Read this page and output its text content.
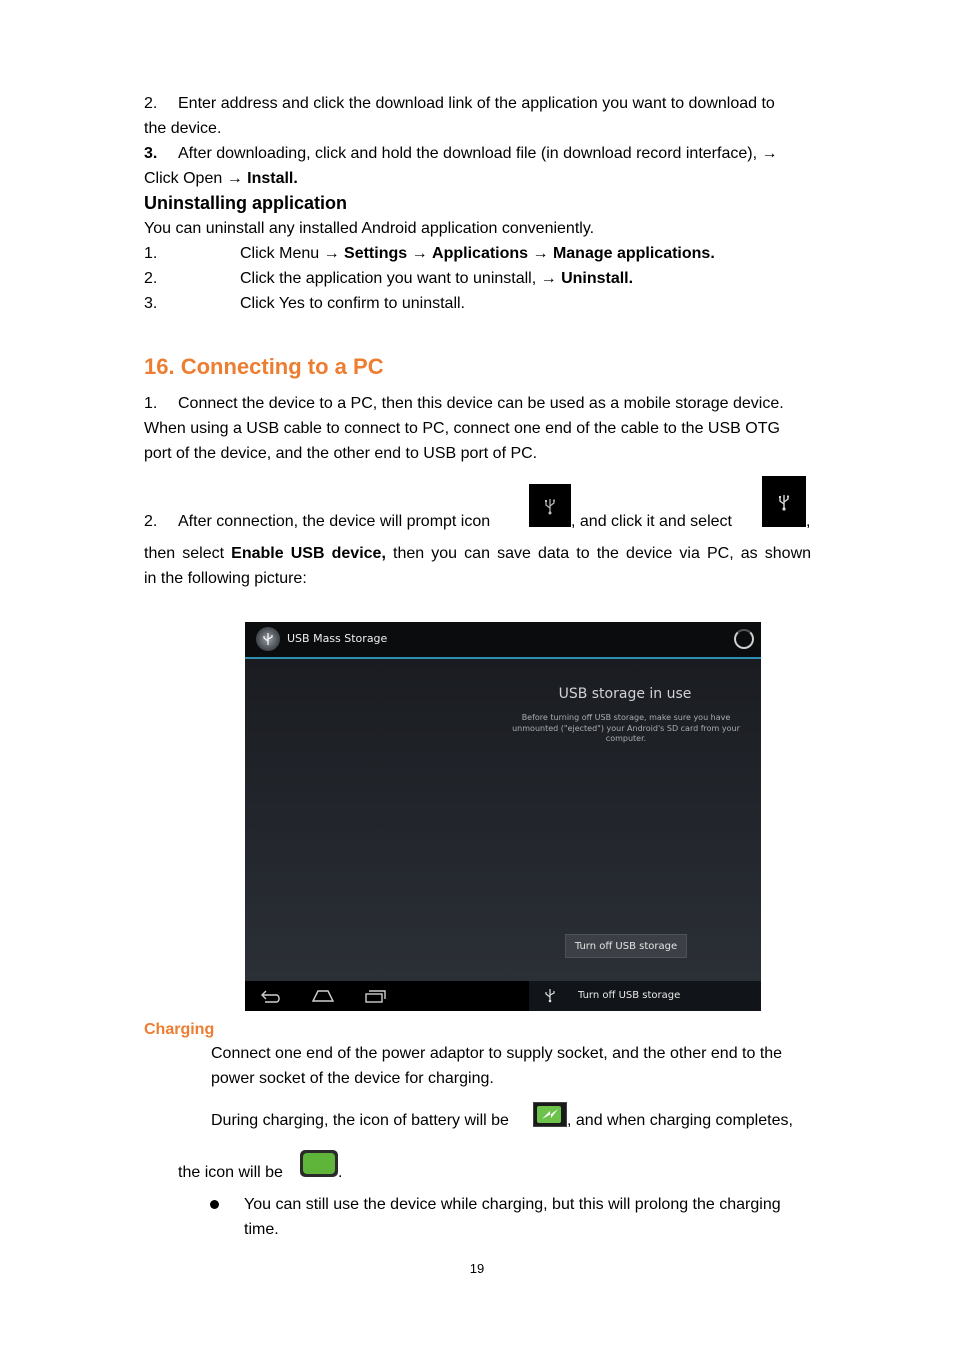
2. Enter address and click the download link of the application you want to download to
the device.
3. After downloading, click and hold the download file (in download record interface), →
Click Open → Install.
Uninstalling application
You can uninstall any installed Android application conveniently.
1.	Click Menu → Settings → Applications → Manage applications.
2.	Click the application you want to uninstall, → Uninstall.
3.	Click Yes to confirm to uninstall.
16. Connecting to a PC
1. Connect the device to a PC, then this device can be used as a mobile storage device.
When using a USB cable to connect to PC, connect one end of the cable to the USB OTG
port of the device, and the other end to USB port of PC.
2. After connection, the device will prompt icon	, and click it and select	,
then select Enable USB device, then you can save data to the device via PC, as shown
in the following picture:
USB Mass Storage
USB storage in use
Before turning off USB storage, make sure you have
unmounted ("ejected") your Android's SD card from your
computer.
Turn off USB storage
Turn off USB storage
Charging
Connect one end of the power adaptor to supply socket, and the other end to the
power socket of the device for charging.
During charging, the icon of battery will be	, and when charging completes,
the icon will be	.
You can still use the device while charging, but this will prolong the charging
time.
19
